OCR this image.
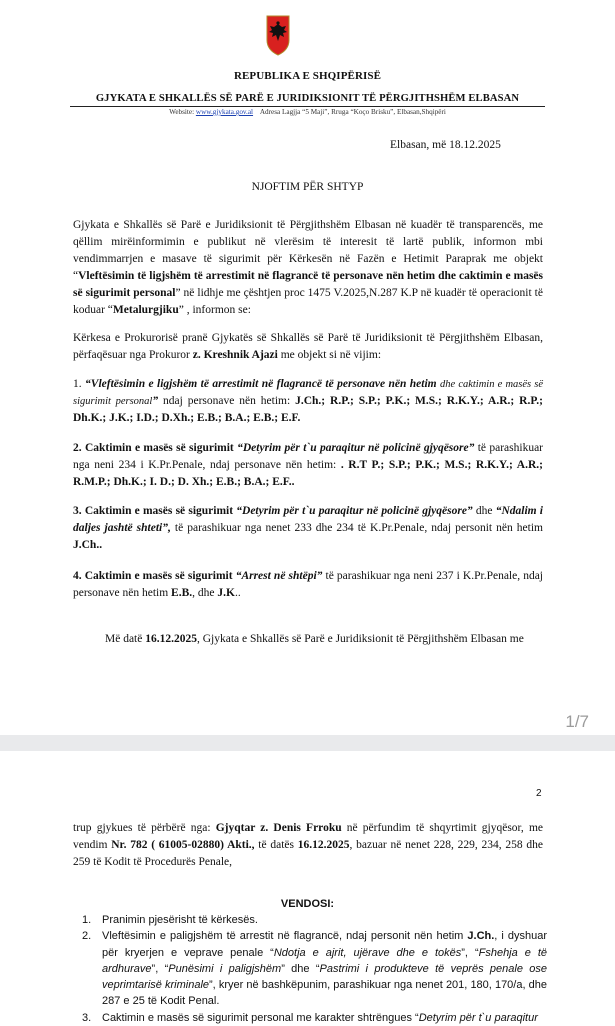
REPUBLIKA E SHQIPËRISË
GJYKATA E SHKALLËS SË PARË E JURIDIKSIONIT TË PËRGJITHSHËM ELBASAN
Website: www.gjykata.gov.al Adresa Lagjja “5 Maji”, Rruga “Koço Brisku”, Elbasan,Shqipëri
Elbasan, më 18.12.2025
NJOFTIM PËR SHTYP
Gjykata e Shkallës së Parë e Juridiksionit të Përgjithshëm Elbasan në kuadër të transparencës, me qëllim mirëinformimin e publikut në vlerësim të interesit të lartë publik, informon mbi vendimmarrjen e masave të sigurimit për Kërkesën në Fazën e Hetimit Paraprak me objekt “Vleftësimin të ligjshëm të arrestimit në flagrancë të personave nën hetim dhe caktimin e masës së sigurimit personal” në lidhje me çështjen proc 1475 V.2025,N.287 K.P në kuadër të operacionit të koduar “Metalurgjiku” , informon se:
Kërkesa e Prokurorisë pranë Gjykatës së Shkallës së Parë të Juridiksionit të Përgjithshëm Elbasan, përfaqësuar nga Prokuror z. Kreshnik Ajazi me objekt si në vijim:
1. “Vleftësimin e ligjshëm të arrestimit në flagrancë të personave nën hetim dhe caktimin e masës së sigurimit personal” ndaj personave nën hetim: J.Ch.; R.P.; S.P.; P.K.; M.S.; R.K.Y.; A.R.; R.P.; Dh.K.; J.K.; I.D.; D.Xh.; E.B.; B.A.; E.B.; E.F.
2. Caktimin e masës së sigurimit “Detyrim për t`u paraqitur në policinë gjyqësore” të parashikuar nga neni 234 i K.Pr.Penale, ndaj personave nën hetim: . R.T P.; S.P.; P.K.; M.S.; R.K.Y.; A.R.; R.M.P.; Dh.K.; I. D.; D. Xh.; E.B.; B.A.; E.F..
3. Caktimin e masës së sigurimit “Detyrim për t`u paraqitur në policinë gjyqësore” dhe “Ndalim i daljes jashtë shteti”, të parashikuar nga nenet 233 dhe 234 të K.Pr.Penale, ndaj personit nën hetim J.Ch..
4. Caktimin e masës së sigurimit “Arrest në shtëpi” të parashikuar nga neni 237 i K.Pr.Penale, ndaj personave nën hetim E.B., dhe J.K..
Më datë 16.12.2025, Gjykata e Shkallës së Parë e Juridiksionit të Përgjithshëm Elbasan me
1/7
2
trup gjykues të përbërë nga: Gjyqtar z. Denis Frroku në përfundim të shqyrtimit gjyqësor, me vendim Nr. 782 ( 61005-02880) Akti., të datës 16.12.2025, bazuar në nenet 228, 229, 234, 258 dhe 259 të Kodit të Procedurës Penale,
VENDOSI:
1. Pranimin pjesërisht të kërkesës.
2. Vleftësimin e paligjshëm të arrestit në flagrancë, ndaj personit nën hetim J.Ch., i dyshuar për kryerjen e veprave penale “Ndotja e ajrit, ujërave dhe e tokës”, “Fshehja e të ardhurave”, “Punësimi i paligjshëm” dhe “Pastrimi i produkteve të veprës penale ose veprimtarisë kriminale”, kryer në bashkëpunim, parashikuar nga nenet 201, 180, 170/a, dhe 287 e 25 të Kodit Penal.
3. Caktimin e masës së sigurimit personal me karakter shtrëngues “Detyrim për t`u paraqitur
